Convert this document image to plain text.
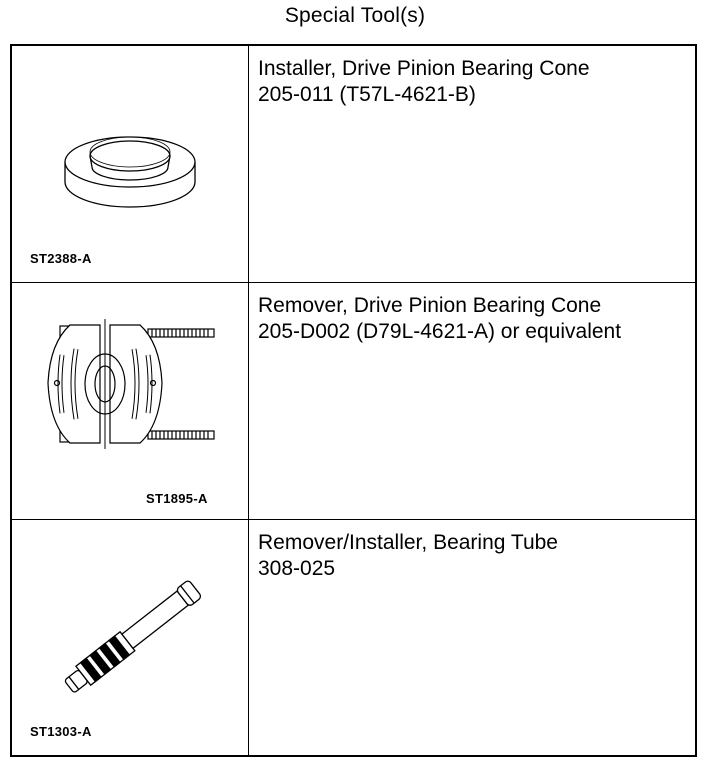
Special Tool(s)
ST2388-A
Installer, Drive Pinion Bearing Cone
205-011 (T57L-4621-B)
ST1895-A
Remover, Drive Pinion Bearing Cone
205-D002 (D79L-4621-A) or equivalent
ST1303-A
Remover/Installer, Bearing Tube
308-025
